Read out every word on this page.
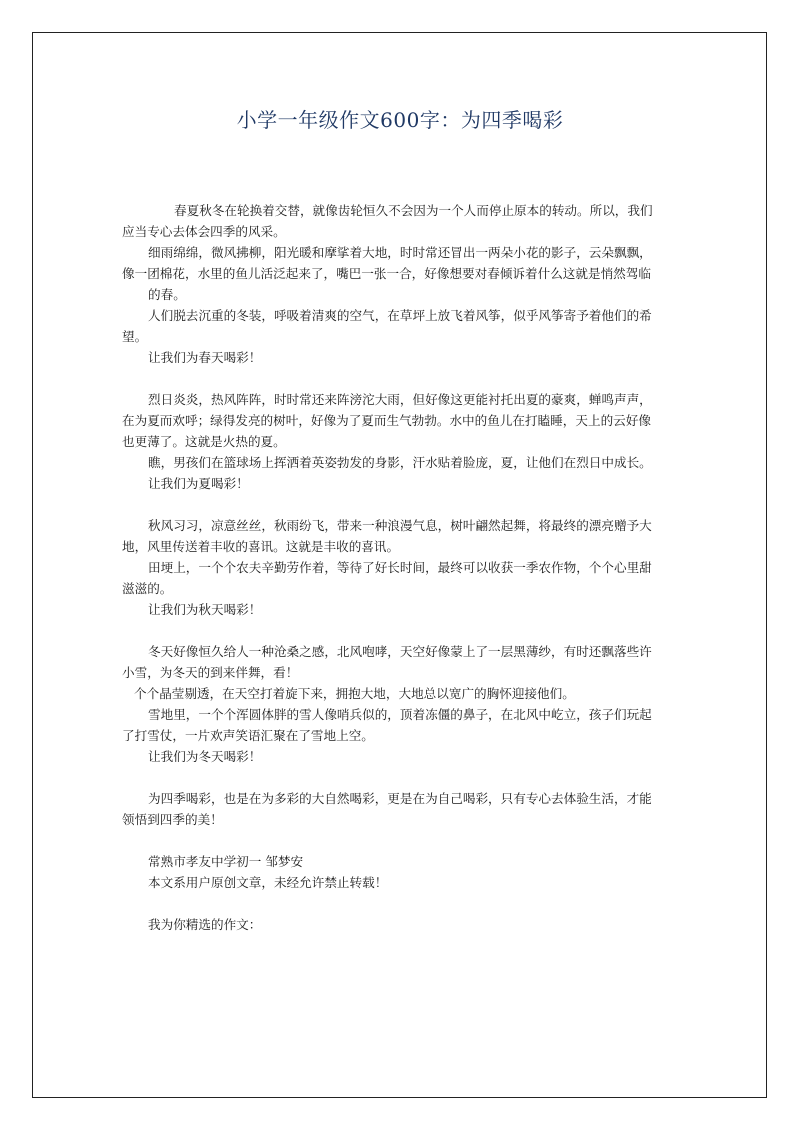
小学一年级作文600字：为四季喝彩
春夏秋冬在轮换着交替，就像齿轮恒久不会因为一个人而停止原本的转动。所以，我们
应当专心去体会四季的风采。
细雨绵绵，微风拂柳，阳光暖和摩挲着大地，时时常还冒出一两朵小花的影子，云朵飘飘，
像一团棉花，水里的鱼儿活泛起来了，嘴巴一张一合，好像想要对春倾诉着什么这就是悄然驾临
的春。
人们脱去沉重的冬装，呼吸着清爽的空气，在草坪上放飞着风筝，似乎风筝寄予着他们的希
望。
让我们为春天喝彩！
烈日炎炎，热风阵阵，时时常还来阵滂沱大雨，但好像这更能衬托出夏的豪爽，蝉鸣声声，
在为夏而欢呼；绿得发亮的树叶，好像为了夏而生气勃勃。水中的鱼儿在打瞌睡，天上的云好像
也更薄了。这就是火热的夏。
瞧，男孩们在篮球场上挥洒着英姿勃发的身影，汗水贴着脸庞，夏，让他们在烈日中成长。
让我们为夏喝彩！
秋风习习，凉意丝丝，秋雨纷飞，带来一种浪漫气息，树叶翩然起舞，将最终的漂亮赠予大
地，风里传送着丰收的喜讯。这就是丰收的喜讯。
田埂上，一个个农夫辛勤劳作着，等待了好长时间，最终可以收获一季农作物，个个心里甜
滋滋的。
让我们为秋天喝彩！
冬天好像恒久给人一种沧桑之感，北风咆哮，天空好像蒙上了一层黑薄纱，有时还飘落些许
小雪，为冬天的到来伴舞，看！
个个晶莹剔透，在天空打着旋下来，拥抱大地，大地总以宽广的胸怀迎接他们。
雪地里，一个个浑圆体胖的雪人像哨兵似的，顶着冻僵的鼻子，在北风中屹立，孩子们玩起
了打雪仗，一片欢声笑语汇聚在了雪地上空。
让我们为冬天喝彩！
为四季喝彩，也是在为多彩的大自然喝彩，更是在为自己喝彩，只有专心去体验生活，才能
领悟到四季的美！
常熟市孝友中学初一 邹梦安
本文系用户原创文章，未经允许禁止转载！
我为你精选的作文：
